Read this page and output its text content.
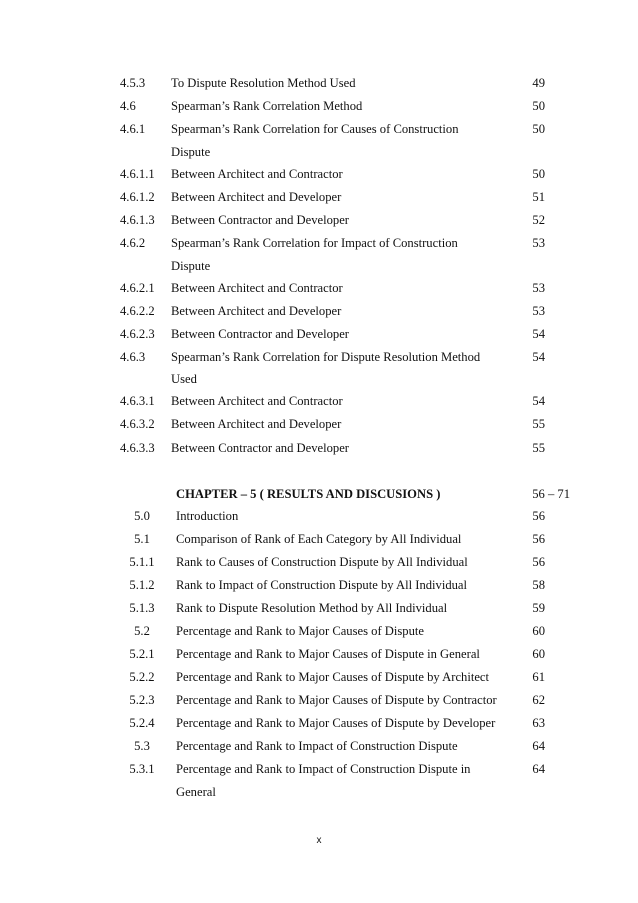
4.5.3 To Dispute Resolution Method Used	49
4.6	Spearman’s Rank Correlation Method	50
4.6.1 Spearman’s Rank Correlation for Causes of Construction	50
Dispute
4.6.1.1 Between Architect and Contractor	50
4.6.1.2 Between Architect and Developer	51
4.6.1.3 Between Contractor and Developer	52
4.6.2 Spearman’s Rank Correlation for Impact of Construction	53
Dispute
4.6.2.1 Between Architect and Contractor	53
4.6.2.2 Between Architect and Developer	53
4.6.2.3 Between Contractor and Developer	54
4.6.3 Spearman’s Rank Correlation for Dispute Resolution Method	54
Used
4.6.3.1 Between Architect and Contractor	54
4.6.3.2 Between Architect and Developer	55
4.6.3.3 Between Contractor and Developer	55
CHAPTER – 5 ( RESULTS AND DISCUSIONS )	56 – 71
5.0	Introduction	56
5.1	Comparison of Rank of Each Category by All Individual	56
5.1.1	Rank to Causes of Construction Dispute by All Individual	56
5.1.2	Rank to Impact of Construction Dispute by All Individual	58
5.1.3	Rank to Dispute Resolution Method by All Individual	59
5.2	Percentage and Rank to Major Causes of Dispute	60
5.2.1	Percentage and Rank to Major Causes of Dispute in General	60
5.2.2	Percentage and Rank to Major Causes of Dispute by Architect	61
5.2.3	Percentage and Rank to Major Causes of Dispute by Contractor	62
5.2.4	Percentage and Rank to Major Causes of Dispute by Developer	63
5.3	Percentage and Rank to Impact of Construction Dispute	64
5.3.1	Percentage and Rank to Impact of Construction Dispute in	64
General
x
